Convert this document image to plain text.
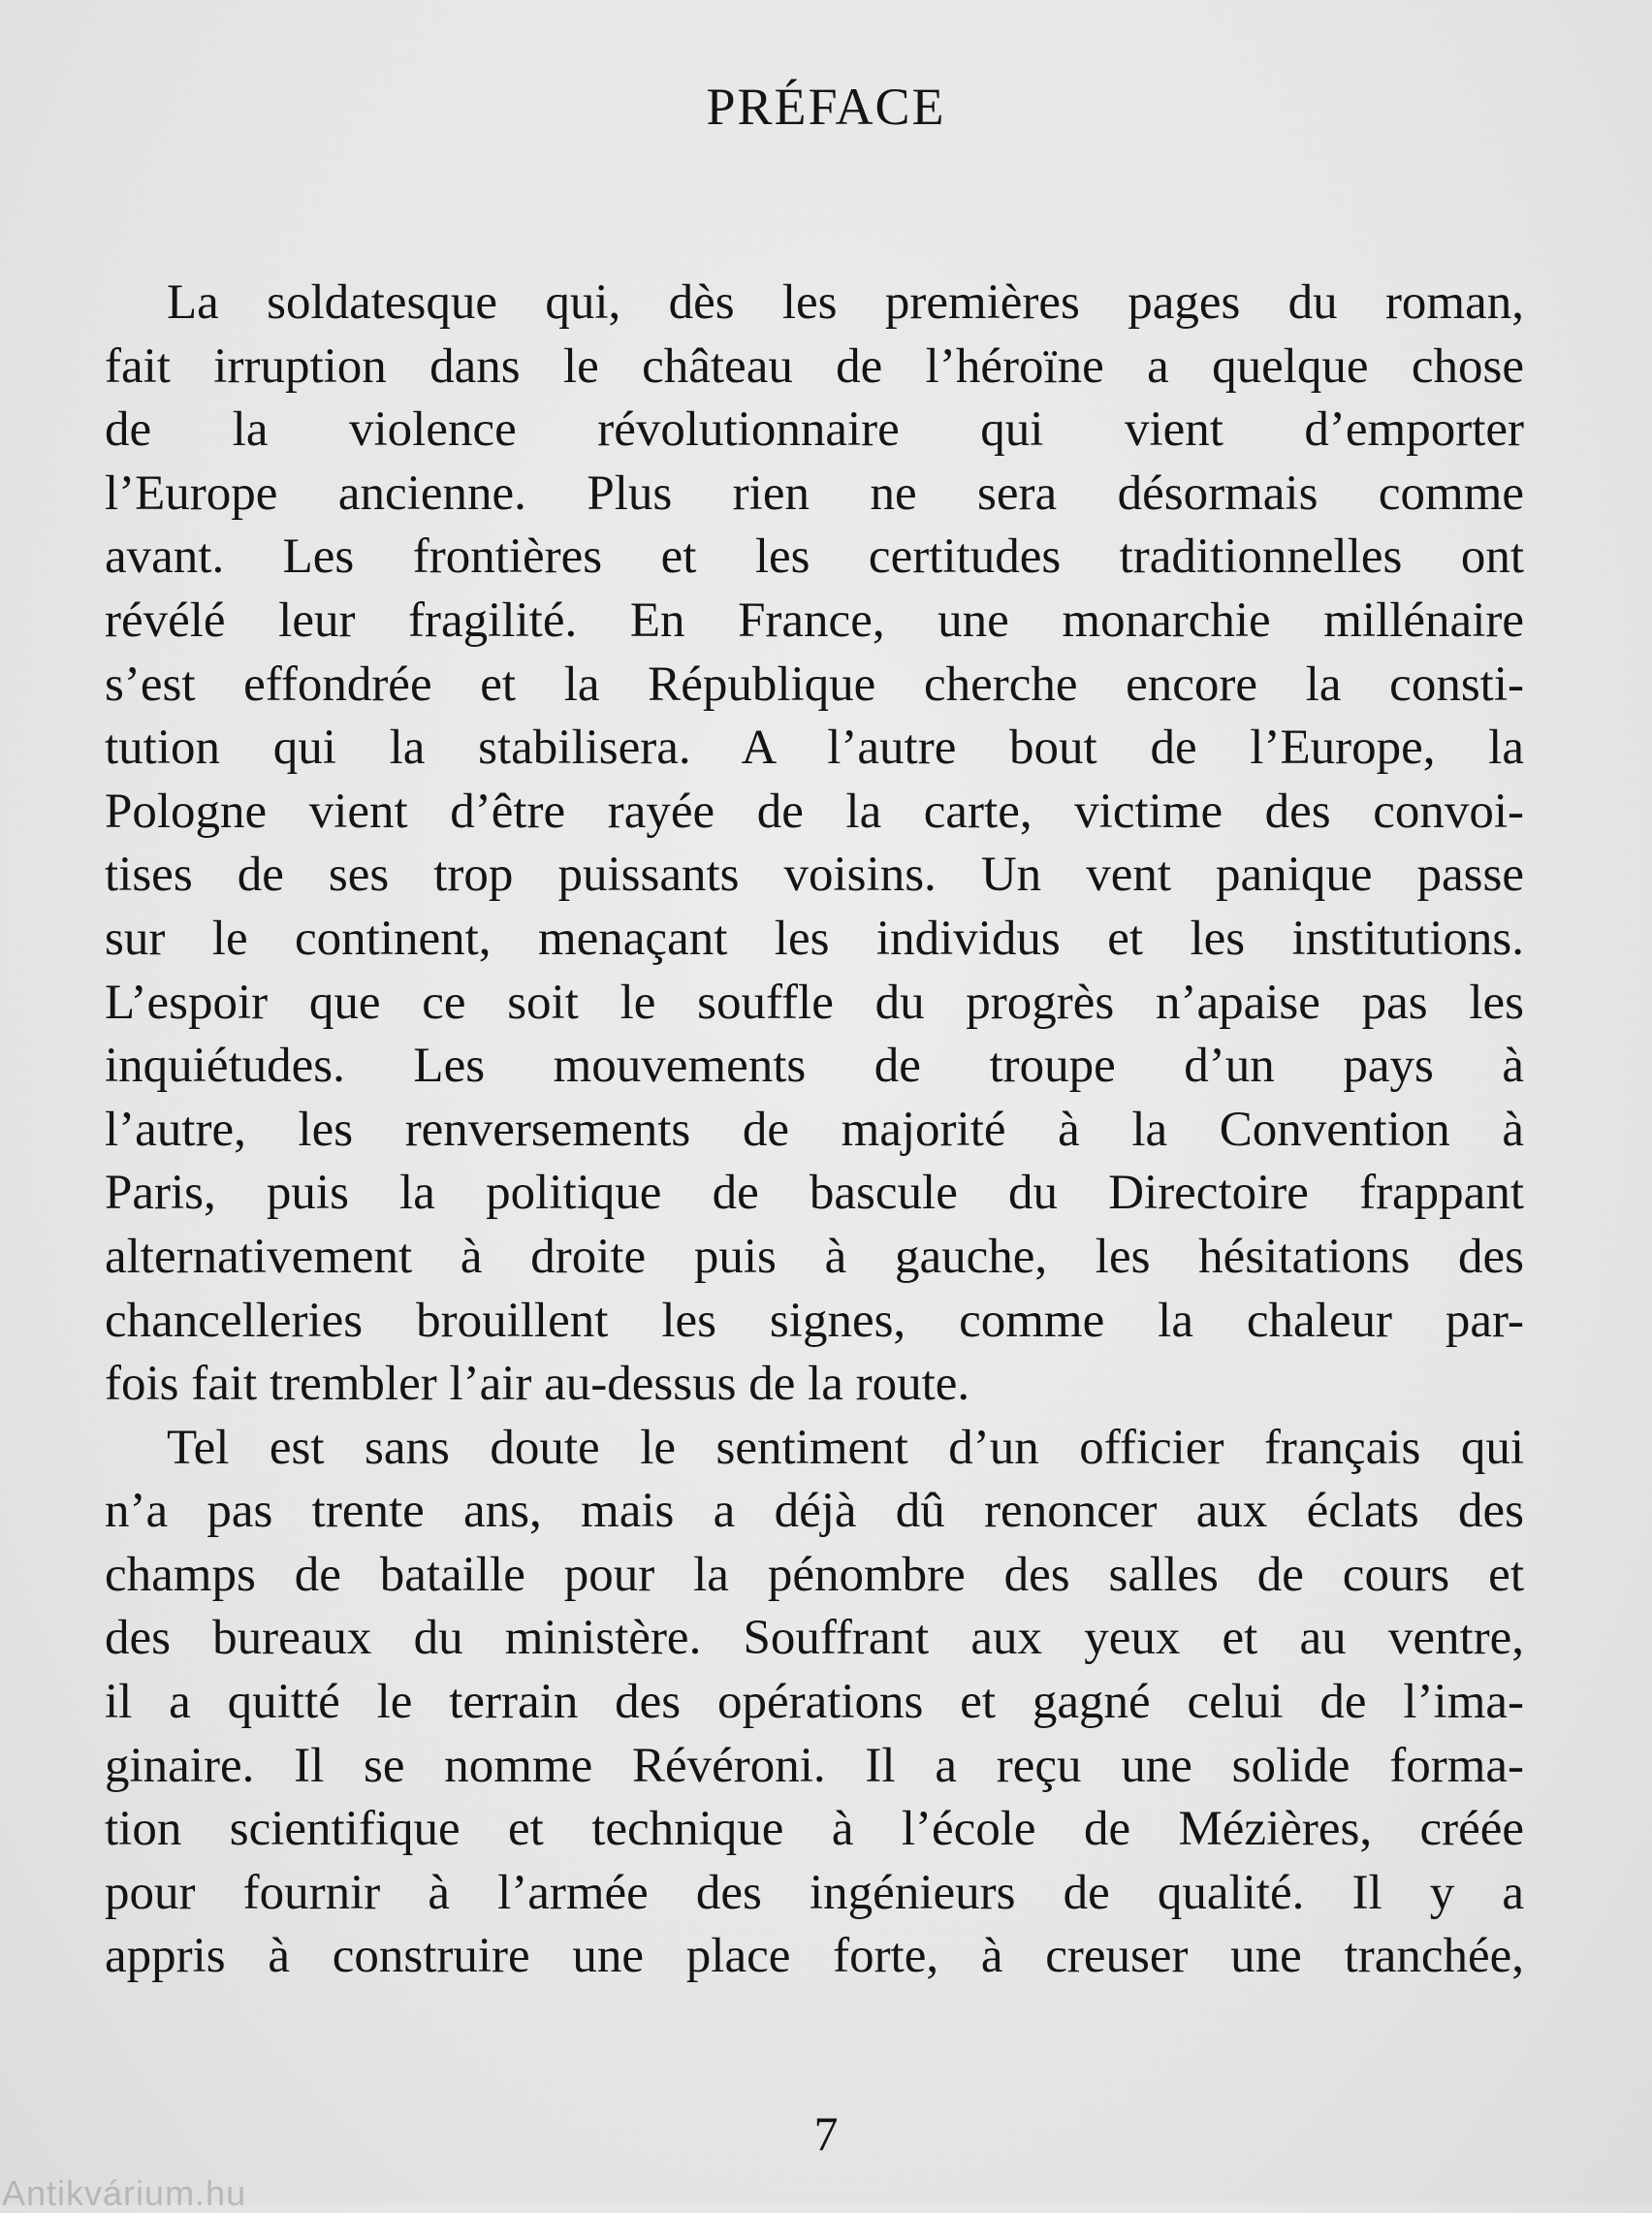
PRÉFACE
La soldatesque qui, dès les premières pages du roman,
fait irruption dans le château de l’héroïne a quelque chose
de la violence révolutionnaire qui vient d’emporter
l’Europe ancienne. Plus rien ne sera désormais comme
avant. Les frontières et les certitudes traditionnelles ont
révélé leur fragilité. En France, une monarchie millénaire
s’est effondrée et la République cherche encore la consti-
tution qui la stabilisera. A l’autre bout de l’Europe, la
Pologne vient d’être rayée de la carte, victime des convoi-
tises de ses trop puissants voisins. Un vent panique passe
sur le continent, menaçant les individus et les institutions.
L’espoir que ce soit le souffle du progrès n’apaise pas les
inquiétudes. Les mouvements de troupe d’un pays à
l’autre, les renversements de majorité à la Convention à
Paris, puis la politique de bascule du Directoire frappant
alternativement à droite puis à gauche, les hésitations des
chancelleries brouillent les signes, comme la chaleur par-
fois fait trembler l’air au-dessus de la route.
Tel est sans doute le sentiment d’un officier français qui
n’a pas trente ans, mais a déjà dû renoncer aux éclats des
champs de bataille pour la pénombre des salles de cours et
des bureaux du ministère. Souffrant aux yeux et au ventre,
il a quitté le terrain des opérations et gagné celui de l’ima-
ginaire. Il se nomme Révéroni. Il a reçu une solide forma-
tion scientifique et technique à l’école de Mézières, créée
pour fournir à l’armée des ingénieurs de qualité. Il y a
appris à construire une place forte, à creuser une tranchée,
7
Antikvárium.hu
